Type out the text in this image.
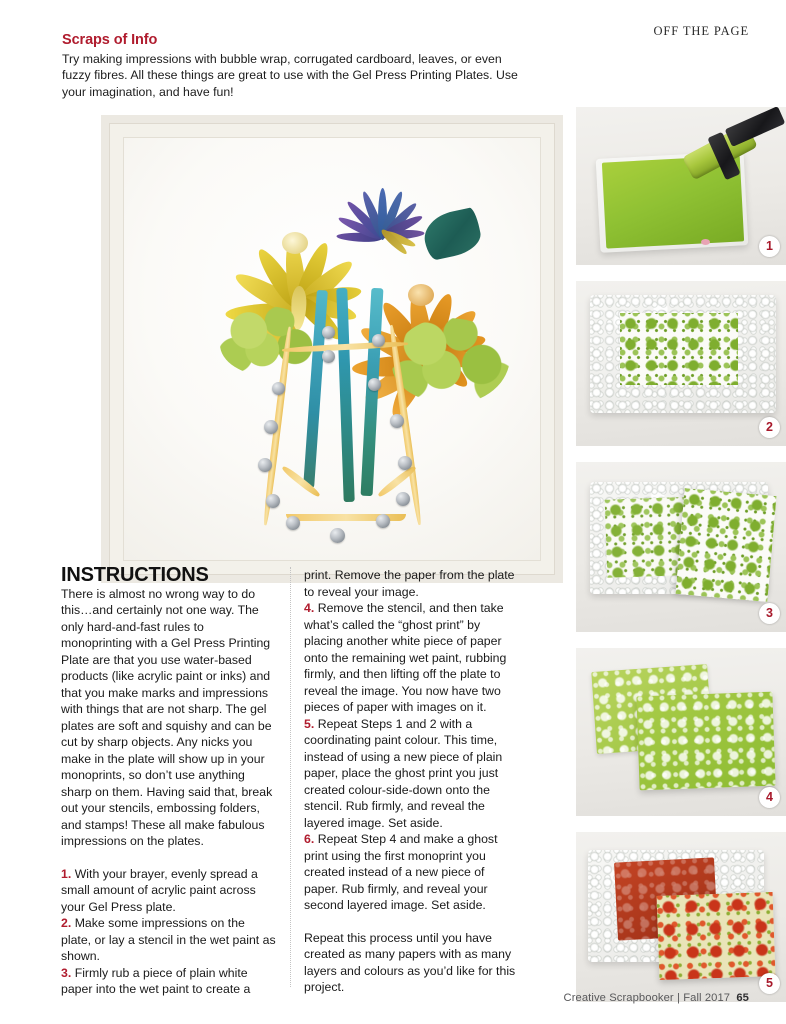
OFF THE PAGE
Scraps of Info

Try making impressions with bubble wrap, corrugated cardboard, leaves, or even fuzzy fibres. All these things are great to use with the Gel Press Printing Plates. Use your imagination, and have fun!

INSTRUCTIONS

There is almost no wrong way to do this…and certainly not one way. The only hard-and-fast rules to monoprinting with a Gel Press Printing Plate are that you use water-based products (like acrylic paint or inks) and that you make marks and impressions with things that are not sharp. The gel plates are soft and squishy and can be cut by sharp objects. Any nicks you make in the plate will show up in your monoprints, so don’t use anything sharp on them. Having said that, break out your stencils, embossing folders, and stamps! These all make fabulous impressions on the plates.

1. With your brayer, evenly spread a small amount of acrylic paint across your Gel Press plate.

2. Make some impressions on the plate, or lay a stencil in the wet paint as shown.

3. Firmly rub a piece of plain white paper into the wet paint to create a

print. Remove the paper from the plate to reveal your image.

4. Remove the stencil, and then take what’s called the “ghost print” by placing another white piece of paper onto the remaining wet paint, rubbing firmly, and then lifting off the plate to reveal the image. You now have two pieces of paper with images on it.

5. Repeat Steps 1 and 2 with a coordinating paint colour. This time, instead of using a new piece of plain paper, place the ghost print you just created colour-side-down onto the stencil. Rub firmly, and reveal the layered image. Set aside.

6. Repeat Step 4 and make a ghost print using the first monoprint you created instead of a new piece of paper. Rub firmly, and reveal your second layered image. Set aside.

Repeat this process until you have created as many papers with as many layers and colours as you’d like for this project.

1
2
3
4
5
Creative Scrapbooker | Fall 2017 65
